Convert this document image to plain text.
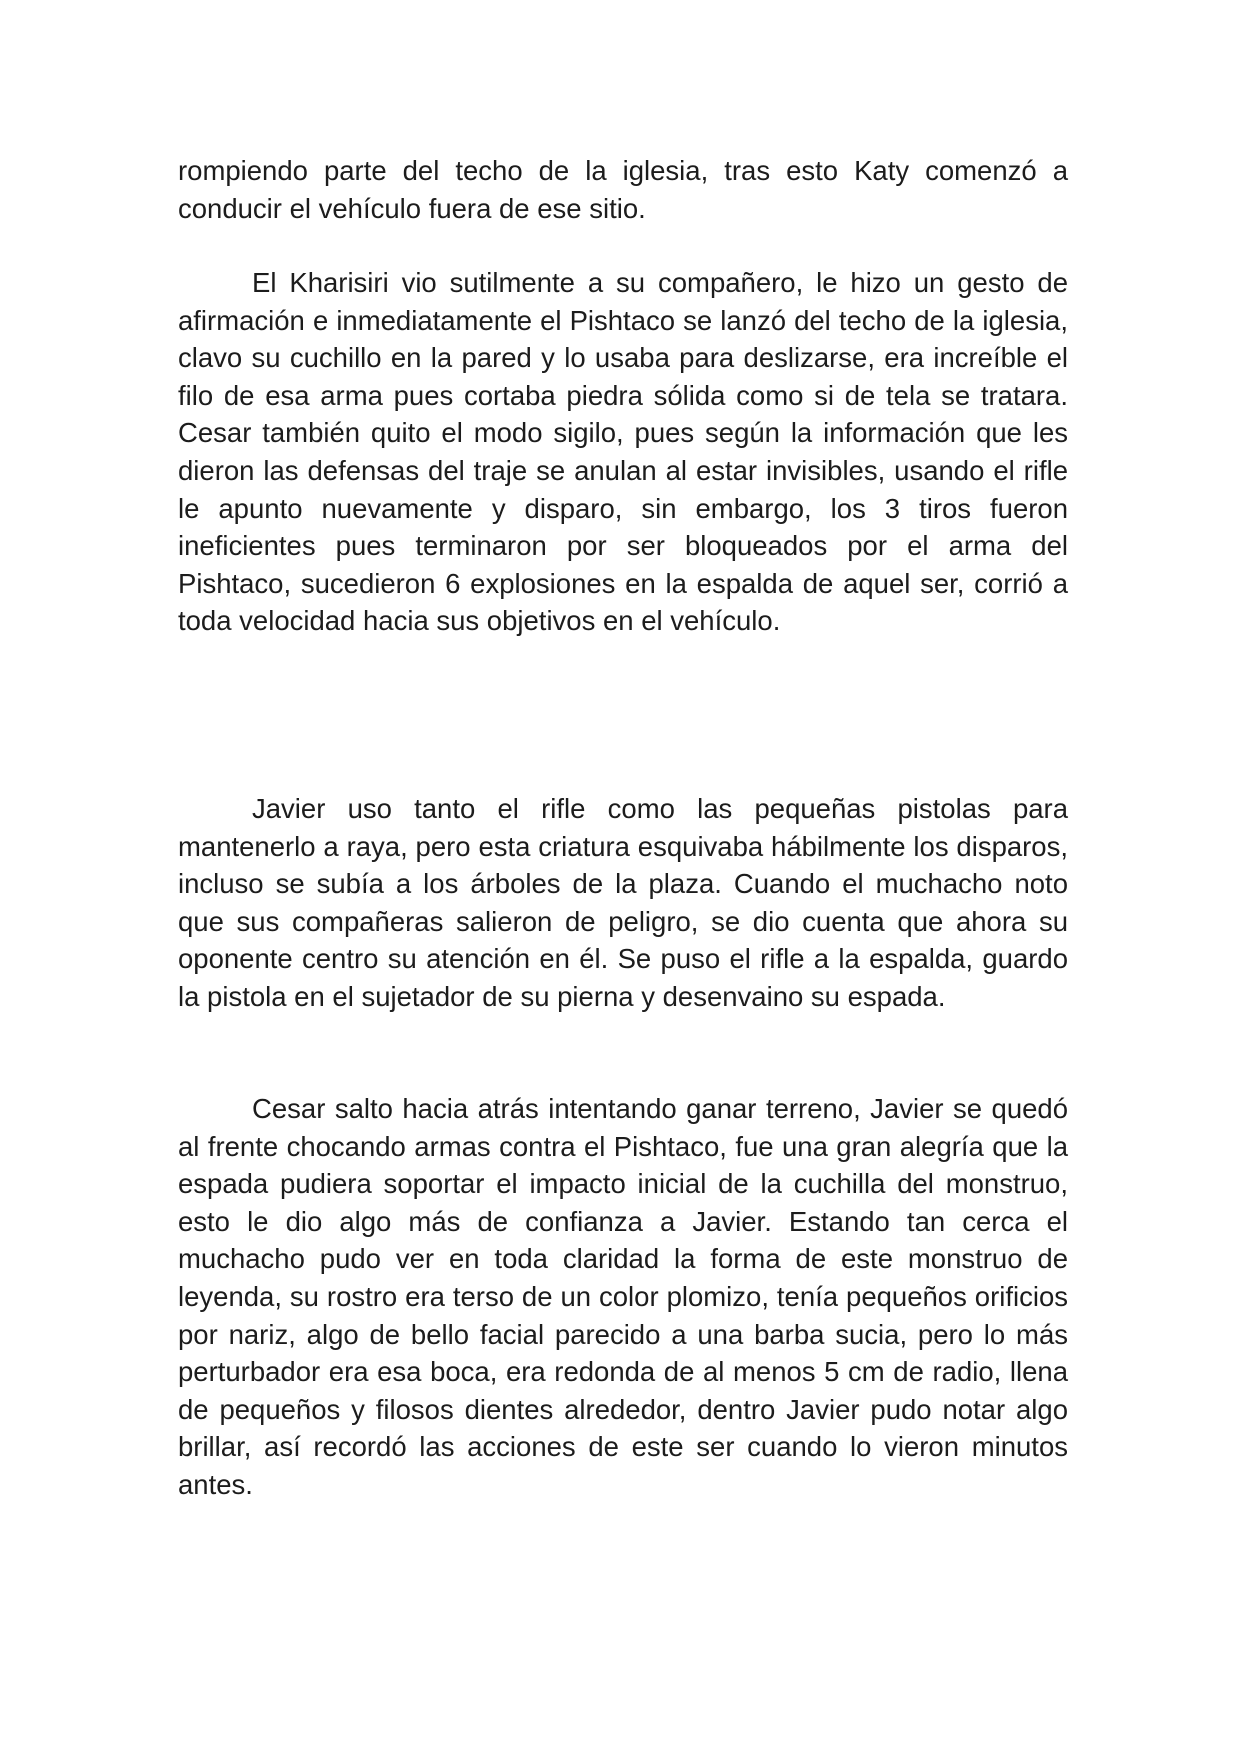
rompiendo parte del techo de la iglesia, tras esto Katy comenzó a conducir el vehículo fuera de ese sitio.

El Kharisiri vio sutilmente a su compañero, le hizo un gesto de afirmación e inmediatamente el Pishtaco se lanzó del techo de la iglesia, clavo su cuchillo en la pared y lo usaba para deslizarse, era increíble el filo de esa arma pues cortaba piedra sólida como si de tela se tratara. Cesar también quito el modo sigilo, pues según la información que les dieron las defensas del traje se anulan al estar invisibles, usando el rifle le apunto nuevamente y disparo, sin embargo, los 3 tiros fueron ineficientes pues terminaron por ser bloqueados por el arma del Pishtaco, sucedieron 6 explosiones en la espalda de aquel ser, corrió a toda velocidad hacia sus objetivos en el vehículo.

Javier uso tanto el rifle como las pequeñas pistolas para mantenerlo a raya, pero esta criatura esquivaba hábilmente los disparos, incluso se subía a los árboles de la plaza. Cuando el muchacho noto que sus compañeras salieron de peligro, se dio cuenta que ahora su oponente centro su atención en él. Se puso el rifle a la espalda, guardo la pistola en el sujetador de su pierna y desenvaino su espada.

Cesar salto hacia atrás intentando ganar terreno, Javier se quedó al frente chocando armas contra el Pishtaco, fue una gran alegría que la espada pudiera soportar el impacto inicial de la cuchilla del monstruo, esto le dio algo más de confianza a Javier. Estando tan cerca el muchacho pudo ver en toda claridad la forma de este monstruo de leyenda, su rostro era terso de un color plomizo, tenía pequeños orificios por nariz, algo de bello facial parecido a una barba sucia, pero lo más perturbador era esa boca, era redonda de al menos 5 cm de radio, llena de pequeños y filosos dientes alrededor, dentro Javier pudo notar algo brillar, así recordó las acciones de este ser cuando lo vieron minutos antes.
